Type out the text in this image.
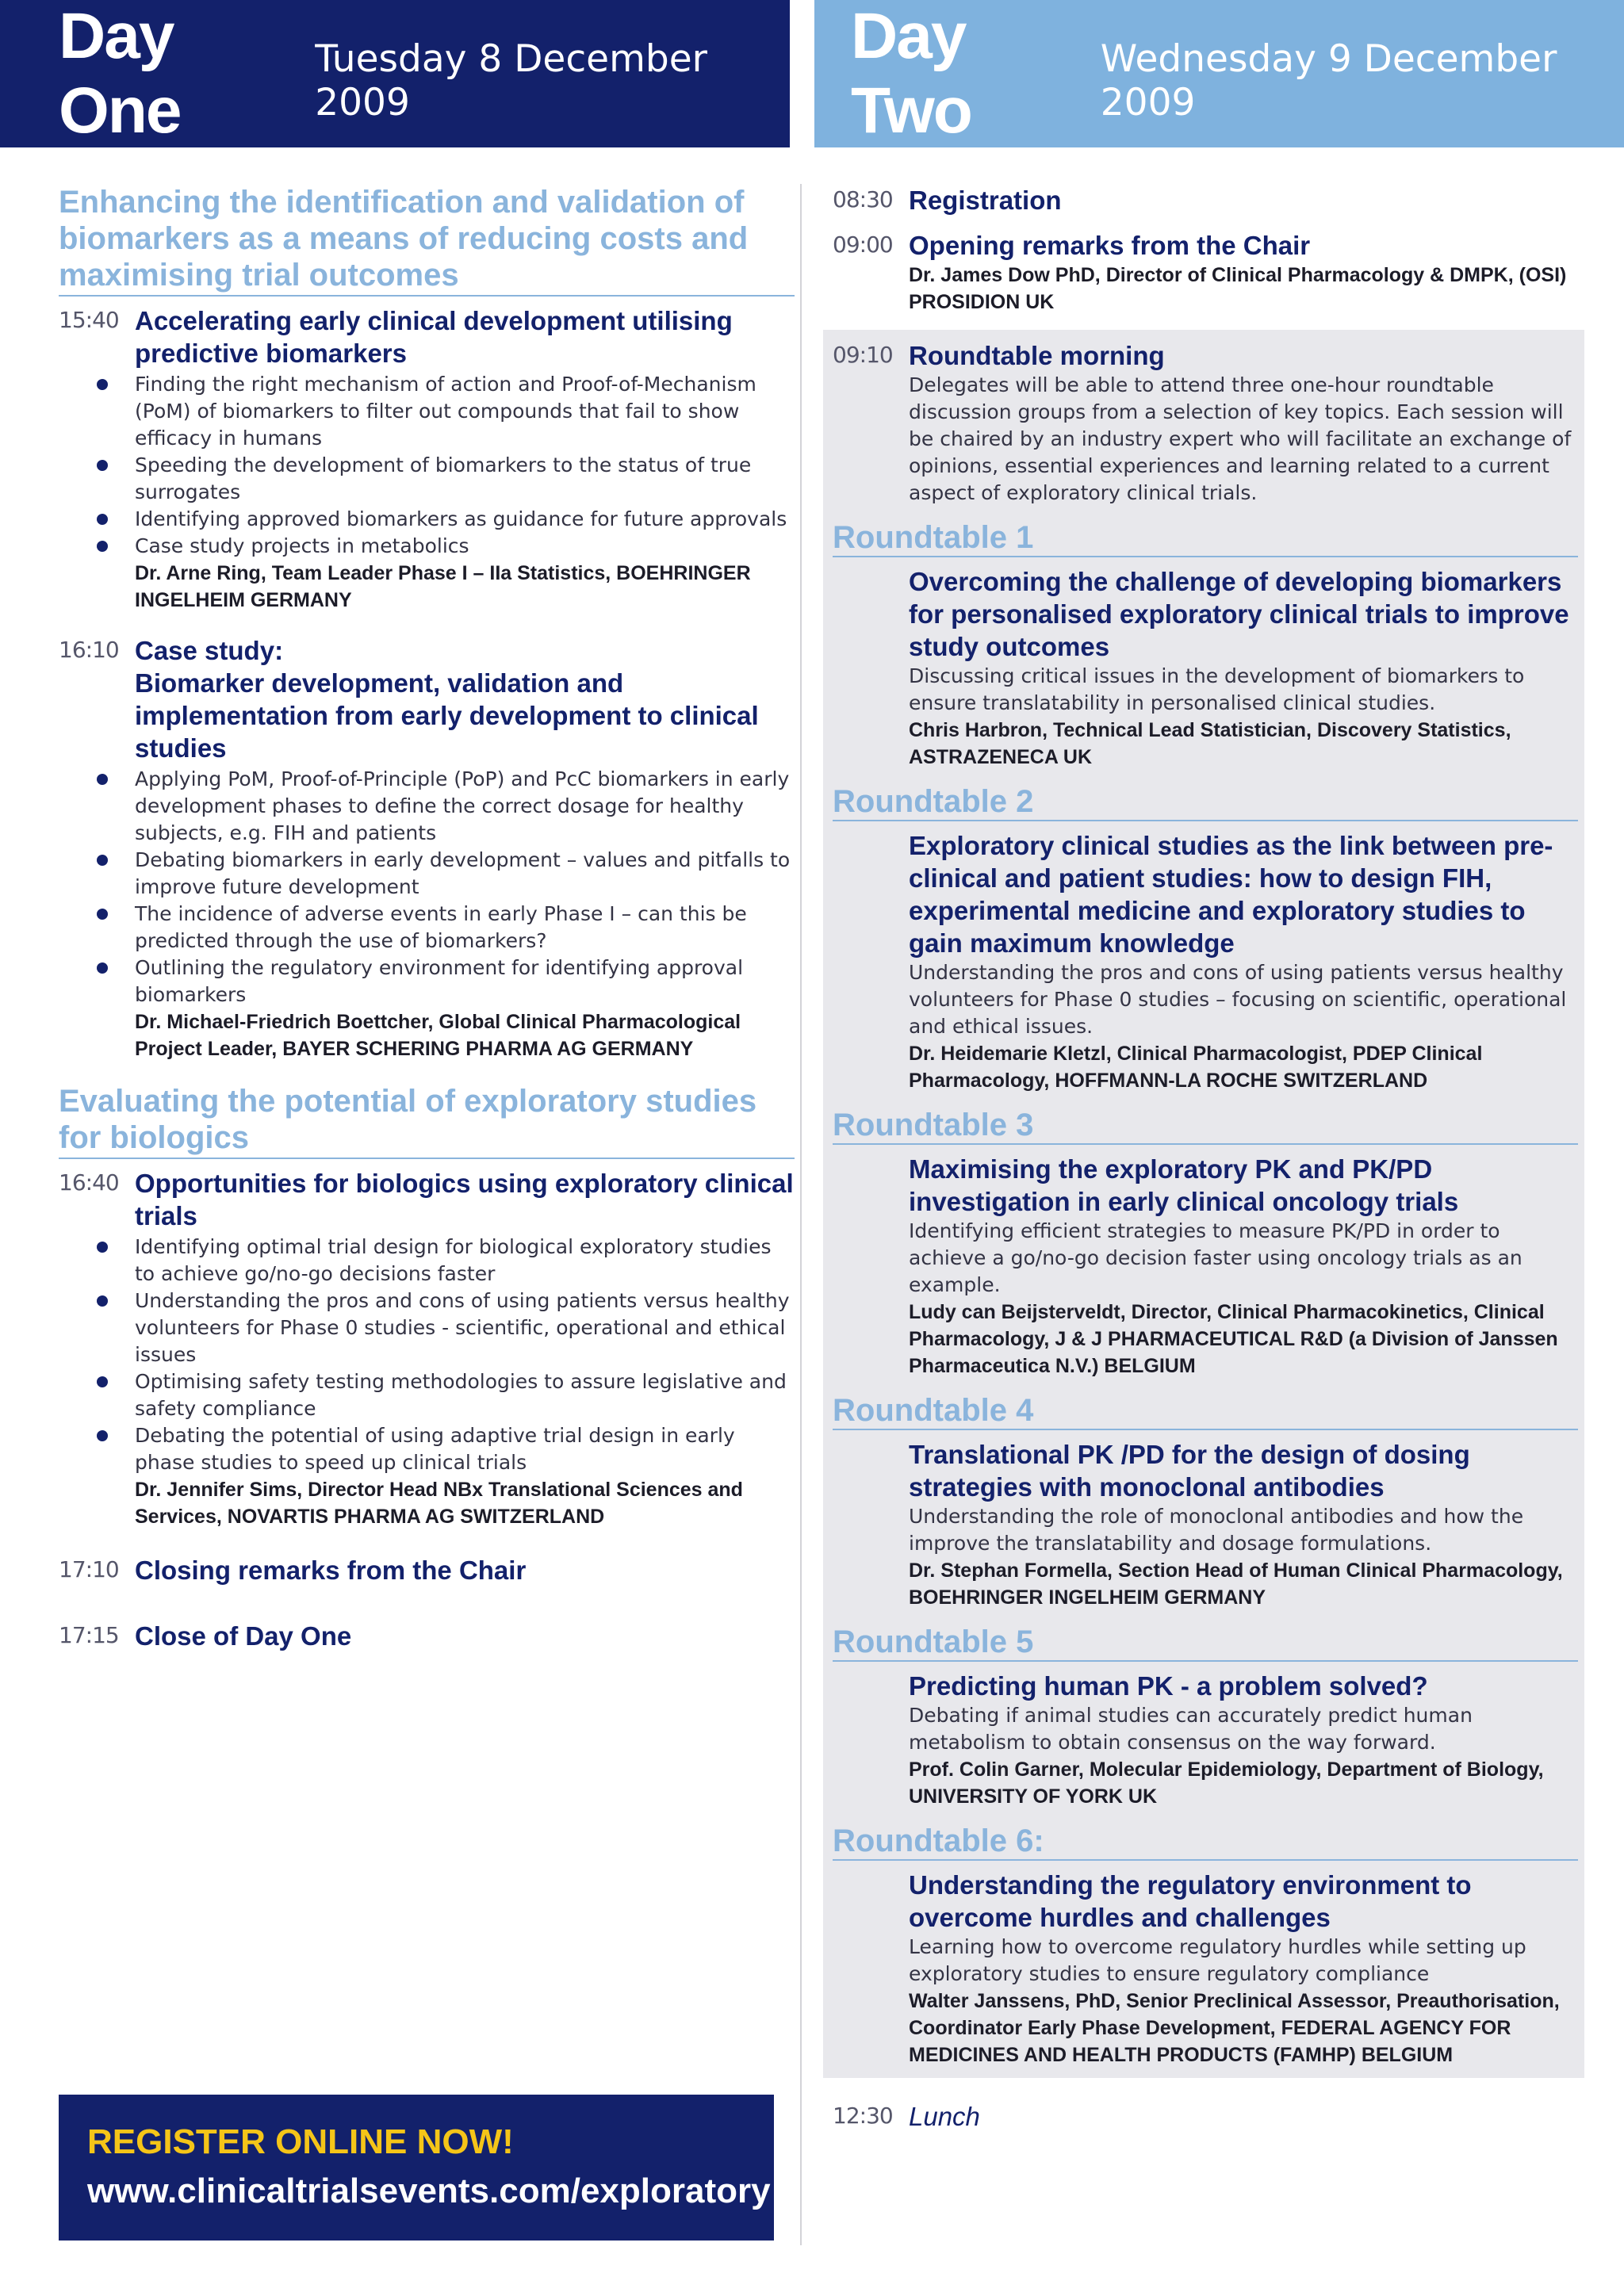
Day One
Tuesday 8 December 2009
Day Two
Wednesday 9 December 2009
Enhancing the identification and validation of biomarkers as a means of reducing costs and maximising trial outcomes
15:40 Accelerating early clinical development utilising predictive biomarkers
Finding the right mechanism of action and Proof-of-Mechanism (PoM) of biomarkers to filter out compounds that fail to show efficacy in humans
Speeding the development of biomarkers to the status of true surrogates
Identifying approved biomarkers as guidance for future approvals
Case study projects in metabolics
Dr. Arne Ring, Team Leader Phase I – IIa Statistics, BOEHRINGER INGELHEIM GERMANY
16:10 Case study:
Biomarker development, validation and implementation from early development to clinical studies
Applying PoM, Proof-of-Principle (PoP) and PcC biomarkers in early development phases to define the correct dosage for healthy subjects, e.g. FIH and patients
Debating biomarkers in early development – values and pitfalls to improve future development
The incidence of adverse events in early Phase I – can this be predicted through the use of biomarkers?
Outlining the regulatory environment for identifying approval biomarkers
Dr. Michael-Friedrich Boettcher, Global Clinical Pharmacological Project Leader, BAYER SCHERING PHARMA AG GERMANY
Evaluating the potential of exploratory studies for biologics
16:40 Opportunities for biologics using exploratory clinical trials
Identifying optimal trial design for biological exploratory studies to achieve go/no-go decisions faster
Understanding the pros and cons of using patients versus healthy volunteers for Phase 0 studies - scientific, operational and ethical issues
Optimising safety testing methodologies to assure legislative and safety compliance
Debating the potential of using adaptive trial design in early phase studies to speed up clinical trials
Dr. Jennifer Sims, Director Head NBx Translational Sciences and Services, NOVARTIS PHARMA AG SWITZERLAND
17:10 Closing remarks from the Chair
17:15 Close of Day One
08:30 Registration
09:00 Opening remarks from the Chair
Dr. James Dow PhD, Director of Clinical Pharmacology & DMPK, (OSI) PROSIDION UK
09:10 Roundtable morning
Delegates will be able to attend three one-hour roundtable discussion groups from a selection of key topics. Each session will be chaired by an industry expert who will facilitate an exchange of opinions, essential experiences and learning related to a current aspect of exploratory clinical trials.
Roundtable 1
Overcoming the challenge of developing biomarkers for personalised exploratory clinical trials to improve study outcomes
Discussing critical issues in the development of biomarkers to ensure translatability in personalised clinical studies.
Chris Harbron, Technical Lead Statistician, Discovery Statistics, ASTRAZENECA UK
Roundtable 2
Exploratory clinical studies as the link between pre-clinical and patient studies: how to design FIH, experimental medicine and exploratory studies to gain maximum knowledge
Understanding the pros and cons of using patients versus healthy volunteers for Phase 0 studies – focusing on scientific, operational and ethical issues.
Dr. Heidemarie Kletzl, Clinical Pharmacologist, PDEP Clinical Pharmacology, HOFFMANN-LA ROCHE SWITZERLAND
Roundtable 3
Maximising the exploratory PK and PK/PD investigation in early clinical oncology trials
Identifying efficient strategies to measure PK/PD in order to achieve a go/no-go decision faster using oncology trials as an example.
Ludy can Beijsterveldt, Director, Clinical Pharmacokinetics, Clinical Pharmacology, J & J PHARMACEUTICAL R&D (a Division of Janssen Pharmaceutica N.V.) BELGIUM
Roundtable 4
Translational PK /PD for the design of dosing strategies with monoclonal antibodies
Understanding the role of monoclonal antibodies and how the improve the translatability and dosage formulations.
Dr. Stephan Formella, Section Head of Human Clinical Pharmacology, BOEHRINGER INGELHEIM GERMANY
Roundtable 5
Predicting human PK - a problem solved?
Debating if animal studies can accurately predict human metabolism to obtain consensus on the way forward.
Prof. Colin Garner, Molecular Epidemiology, Department of Biology, UNIVERSITY OF YORK UK
Roundtable 6:
Understanding the regulatory environment to overcome hurdles and challenges
Learning how to overcome regulatory hurdles while setting up exploratory studies to ensure regulatory compliance
Walter Janssens, PhD, Senior Preclinical Assessor, Preauthorisation, Coordinator Early Phase Development, FEDERAL AGENCY FOR MEDICINES AND HEALTH PRODUCTS (FAMHP) BELGIUM
12:30 Lunch
REGISTER ONLINE NOW!
www.clinicaltrialsevents.com/exploratory
